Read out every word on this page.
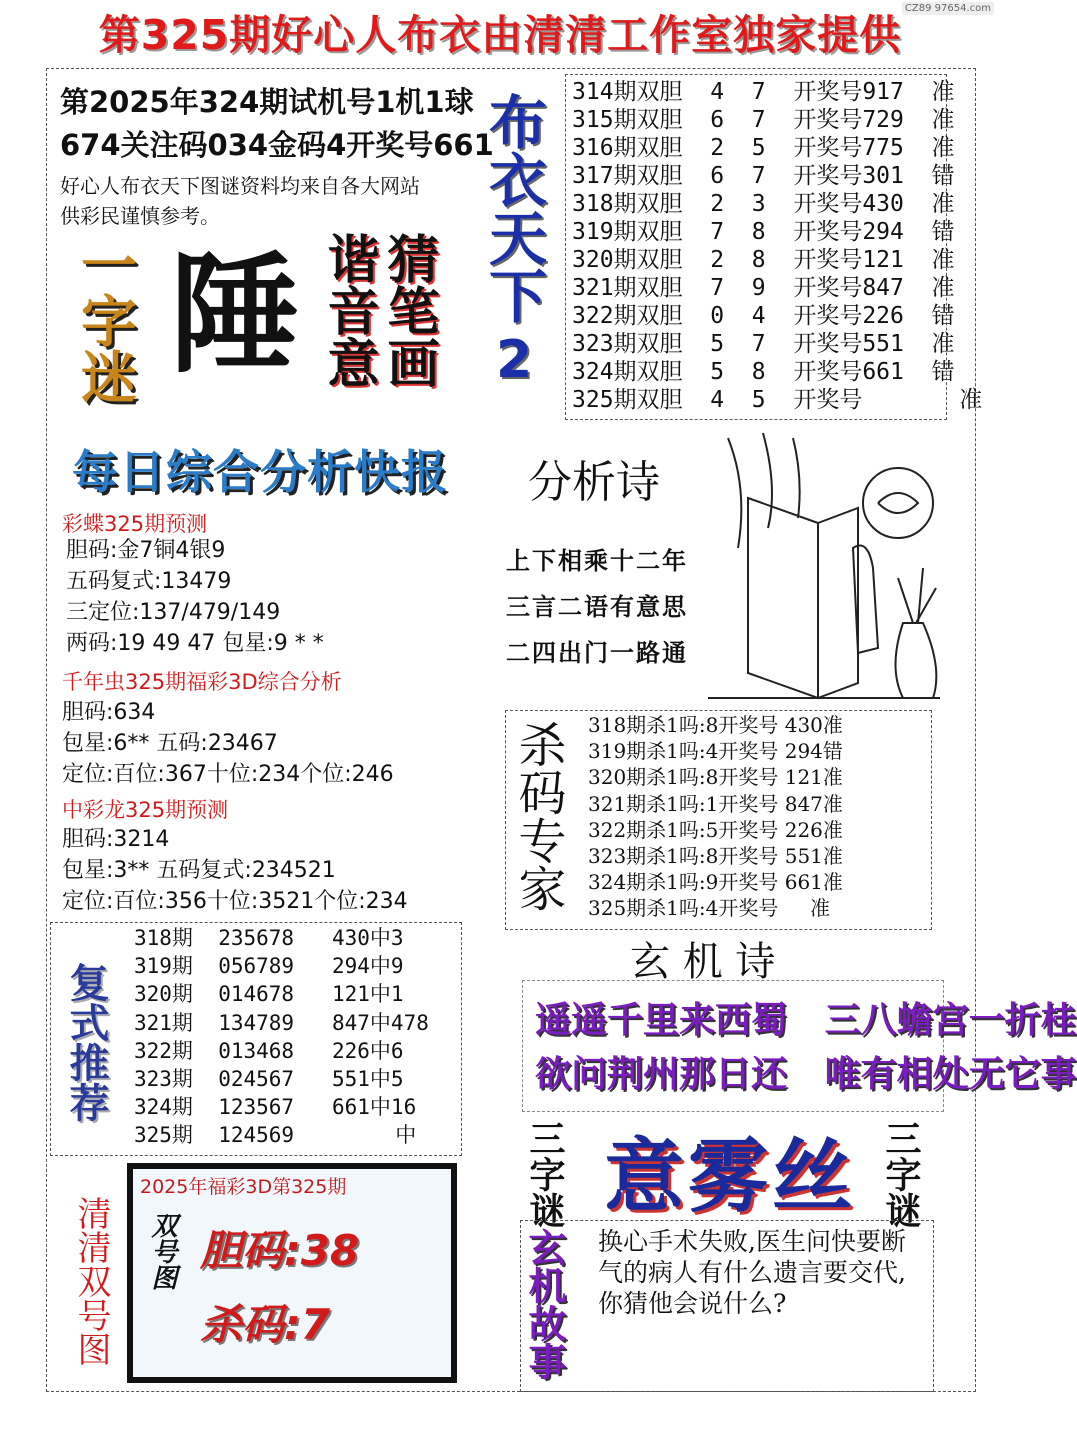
第325期好心人布衣由清清工作室独家提供
CZ89 97654.com
第2025年324期试机号1机1球
674关注码034金码4开奖号661
好心人布衣天下图谜资料均来自各大网站
供彩民谨慎参考。	布衣天下
2
314期双胆  4  7  开奖号917  准
315期双胆  6  7  开奖号729  准
316期双胆  2  5  开奖号775  准
317期双胆  6  7  开奖号301  错
318期双胆  2  3  开奖号430  准
319期双胆  7  8  开奖号294  错
320期双胆  2  8  开奖号121  准
321期双胆  7  9  开奖号847  准
322期双胆  0  4  开奖号226  错
323期双胆  5  7  开奖号551  准
324期双胆  5  8  开奖号661  错
325期双胆  4  5  开奖号       准
一字迷 陲 谐音意 猜笔画
每日综合分析快报
彩蝶325期预测
胆码:金7铜4银9
五码复式:13479
三定位:137/479/149
两码:19 49 47 包星:9 * *
千年虫325期福彩3D综合分析
胆码:634
包星:6** 五码:23467
定位:百位:367十位:234个位:246
中彩龙325期预测
胆码:3214
包星:3** 五码复式:234521
定位:百位:356十位:3521个位:234
分析诗
上下相乘十二年
三言二语有意思
二四出门一路通
杀码专家 318期杀1吗:8开奖号 430准
319期杀1吗:4开奖号 294错
320期杀1吗:8开奖号 121准
321期杀1吗:1开奖号 847准
322期杀1吗:5开奖号 226准
323期杀1吗:8开奖号 551准
324期杀1吗:9开奖号 661准
325期杀1吗:4开奖号     准
复式推荐
318期  235678   430中3
319期  056789   294中9
320期  014678   121中1
321期  134789   847中478
322期  013468   226中6
323期  024567   551中5
324期  123567   661中16
325期  124569        中
玄 机 诗
遥遥千里来西蜀   三八蟾宫一折桂
欲问荆州那日还   唯有相处无它事
三字谜 意雾丝 三字谜
玄机故事 换心手术失败,医生问快要断气的病人有什么遗言要交代,你猜他会说什么?
清清双号图
2025年福彩3D第325期
双号图 胆码:38
杀码:7
